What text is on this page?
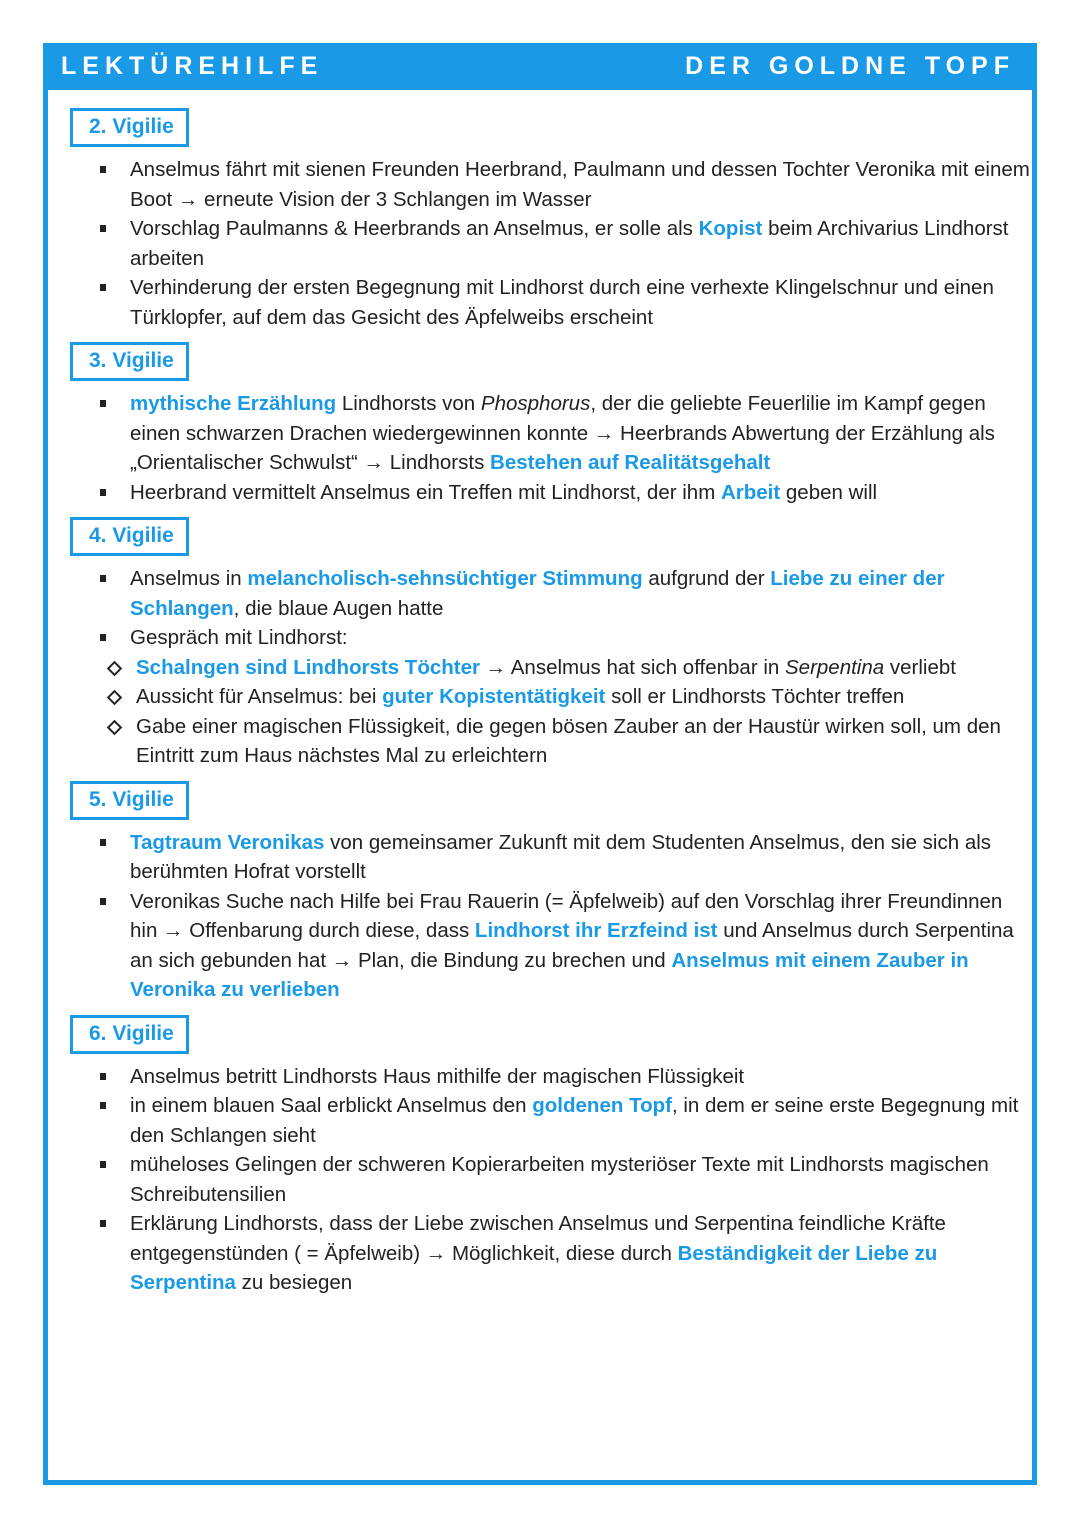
LEKTÜREHILFE	DER GOLDNE TOPF
2. Vigilie
Anselmus fährt mit sienen Freunden Heerbrand, Paulmann und dessen Tochter Veronika mit einem Boot → erneute Vision der 3 Schlangen im Wasser
Vorschlag Paulmanns & Heerbrands an Anselmus, er solle als Kopist beim Archivarius Lindhorst arbeiten
Verhinderung der ersten Begegnung mit Lindhorst durch eine verhexte Klingelschnur und einen Türklopfer, auf dem das Gesicht des Äpfelweibs erscheint
3. Vigilie
mythische Erzählung Lindhorsts von Phosphorus, der die geliebte Feuerlilie im Kampf gegen einen schwarzen Drachen wiedergewinnen konnte → Heerbrands Abwertung der Erzählung als „Orientalischer Schwulst“ → Lindhorsts Bestehen auf Realitätsgehalt
Heerbrand vermittelt Anselmus ein Treffen mit Lindhorst, der ihm Arbeit geben will
4. Vigilie
Anselmus in melancholisch-sehnsüchtiger Stimmung aufgrund der Liebe zu einer der Schlangen, die blaue Augen hatte
Gespräch mit Lindhorst:
Schalngen sind Lindhorsts Töchter → Anselmus hat sich offenbar in Serpentina verliebt
Aussicht für Anselmus: bei guter Kopistentätigkeit soll er Lindhorsts Töchter treffen
Gabe einer magischen Flüssigkeit, die gegen bösen Zauber an der Haustür wirken soll, um den Eintritt zum Haus nächstes Mal zu erleichtern
5. Vigilie
Tagtraum Veronikas von gemeinsamer Zukunft mit dem Studenten Anselmus, den sie sich als berühmten Hofrat vorstellt
Veronikas Suche nach Hilfe bei Frau Rauerin (= Äpfelweib) auf den Vorschlag ihrer Freundinnen hin → Offenbarung durch diese, dass Lindhorst ihr Erzfeind ist und Anselmus durch Serpentina an sich gebunden hat → Plan, die Bindung zu brechen und Anselmus mit einem Zauber in Veronika zu verlieben
6. Vigilie
Anselmus betritt Lindhorsts Haus mithilfe der magischen Flüssigkeit
in einem blauen Saal erblickt Anselmus den goldenen Topf, in dem er seine erste Begegnung mit den Schlangen sieht
müheloses Gelingen der schweren Kopierarbeiten mysteriöser Texte mit Lindhorsts magischen Schreibutensilien
Erklärung Lindhorsts, dass der Liebe zwischen Anselmus und Serpentina feindliche Kräfte entgegenstünden ( = Äpfelweib) → Möglichkeit, diese durch Beständigkeit der Liebe zu Serpentina zu besiegen
